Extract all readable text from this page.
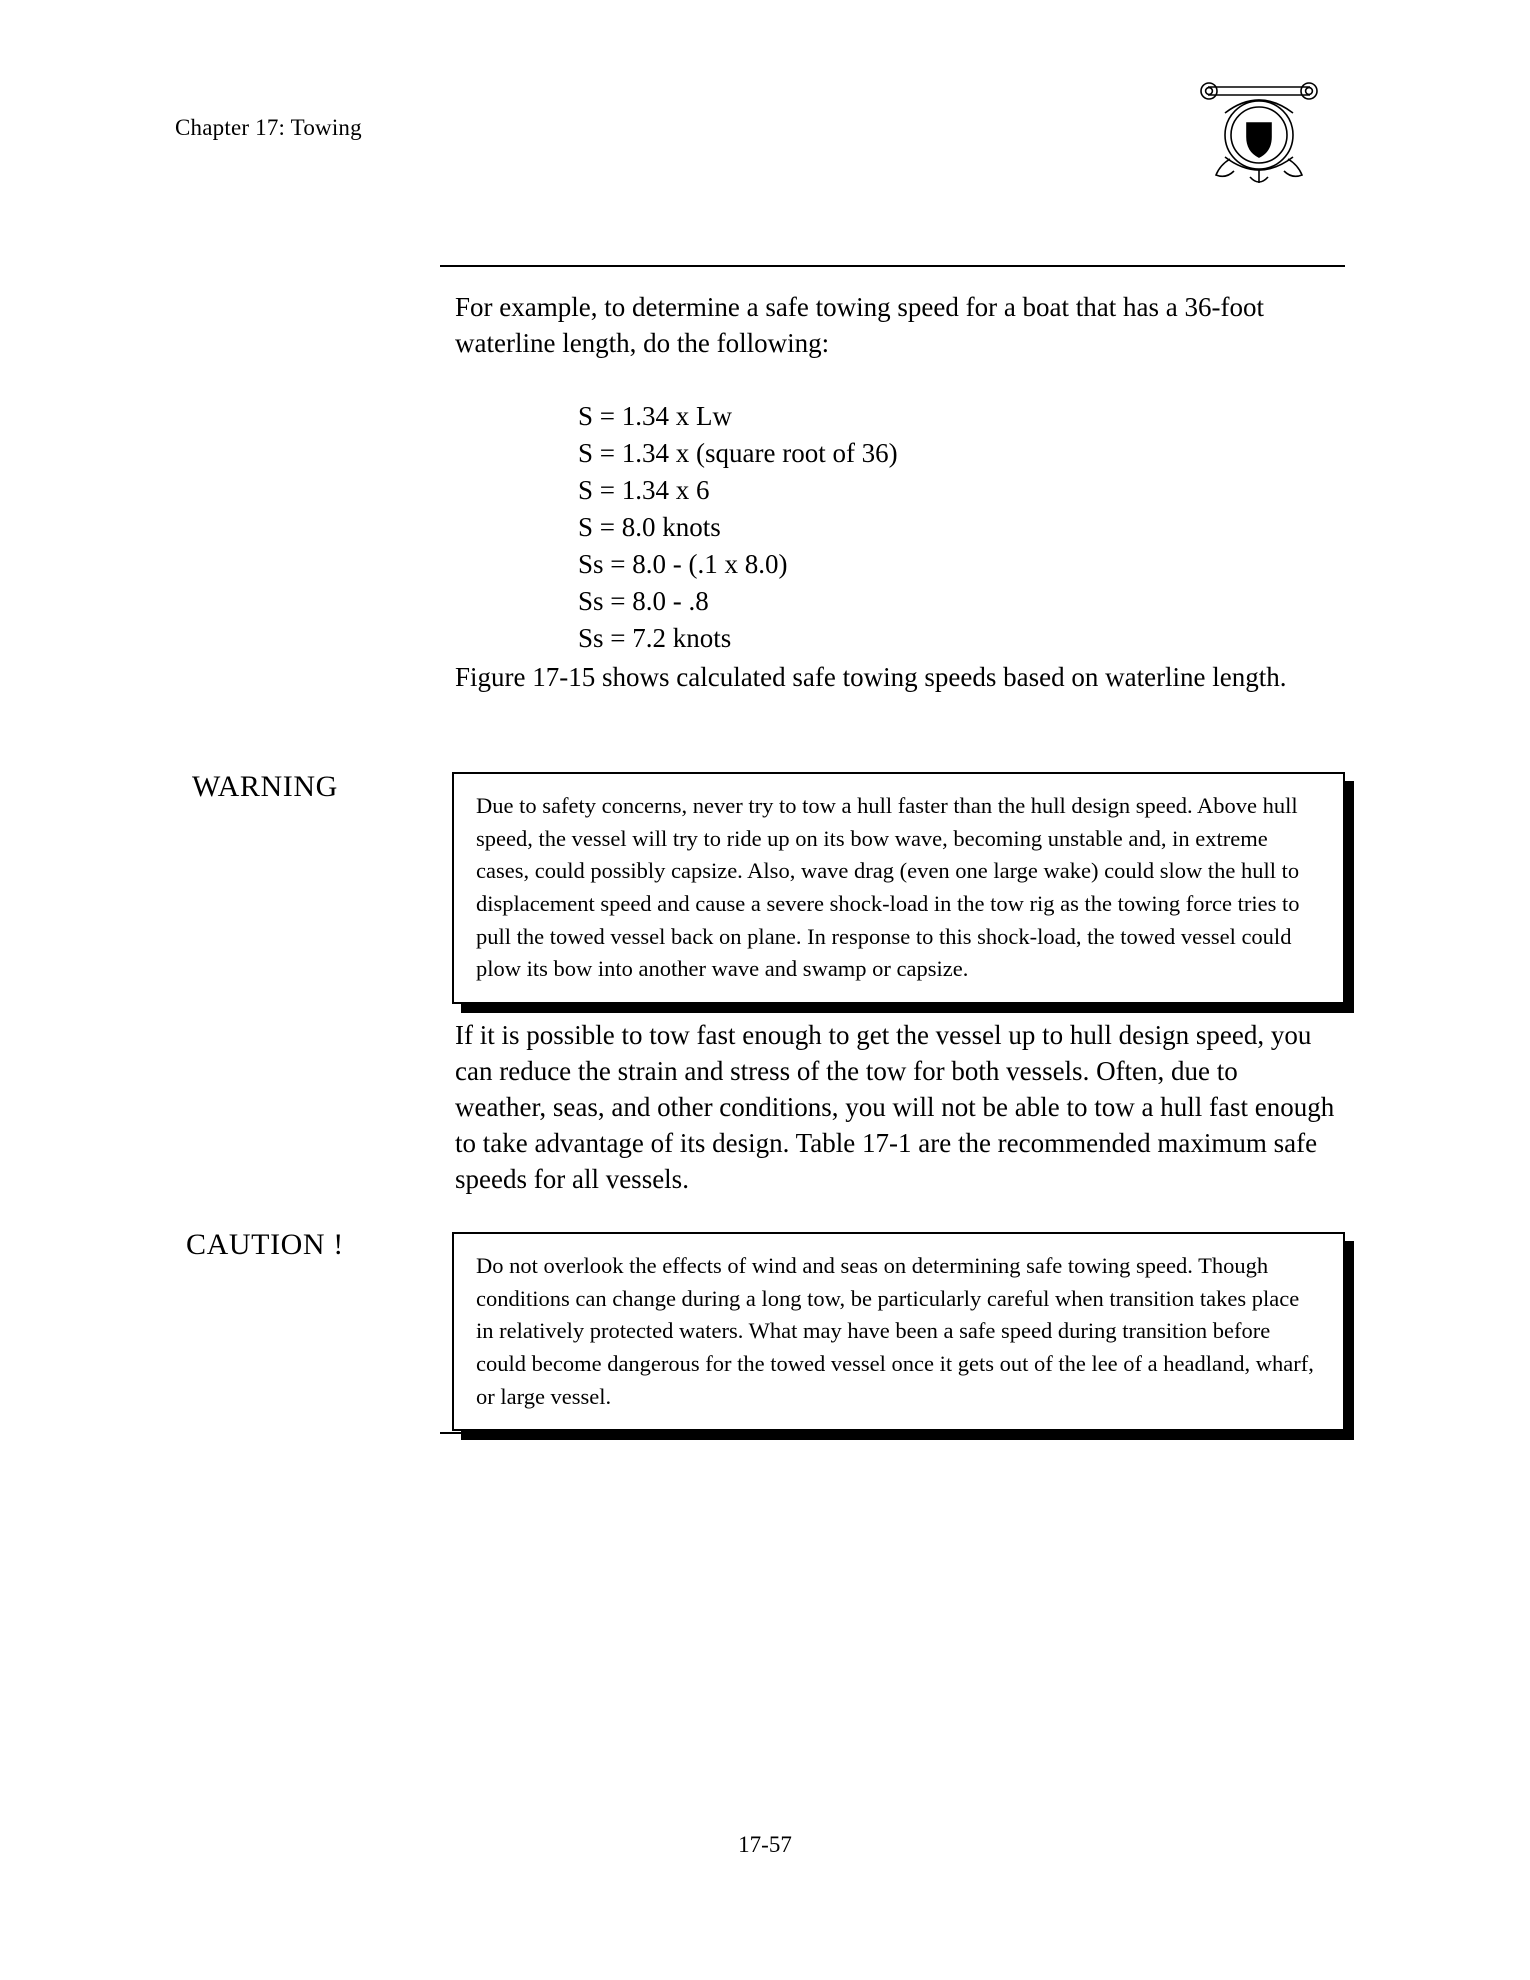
Chapter 17: Towing

For example, to determine a safe towing speed for a boat that has a 36-foot waterline length, do the following:

S = 1.34 x Lw
S = 1.34 x (square root of 36)
S = 1.34 x 6
S = 8.0 knots
Ss = 8.0 - (.1 x 8.0)
Ss = 8.0 - .8
Ss = 7.2 knots

Figure 17-15 shows calculated safe towing speeds based on waterline length.

WARNING

Due to safety concerns, never try to tow a hull faster than the hull design speed. Above hull speed, the vessel will try to ride up on its bow wave, becoming unstable and, in extreme cases, could possibly capsize. Also, wave drag (even one large wake) could slow the hull to displacement speed and cause a severe shock-load in the tow rig as the towing force tries to pull the towed vessel back on plane. In response to this shock-load, the towed vessel could plow its bow into another wave and swamp or capsize.

If it is possible to tow fast enough to get the vessel up to hull design speed, you can reduce the strain and stress of the tow for both vessels. Often, due to weather, seas, and other conditions, you will not be able to tow a hull fast enough to take advantage of its design. Table 17-1 are the recommended maximum safe speeds for all vessels.

CAUTION !

Do not overlook the effects of wind and seas on determining safe towing speed. Though conditions can change during a long tow, be particularly careful when transition takes place in relatively protected waters. What may have been a safe speed during transition before could become dangerous for the towed vessel once it gets out of the lee of a headland, wharf, or large vessel.

17-57
